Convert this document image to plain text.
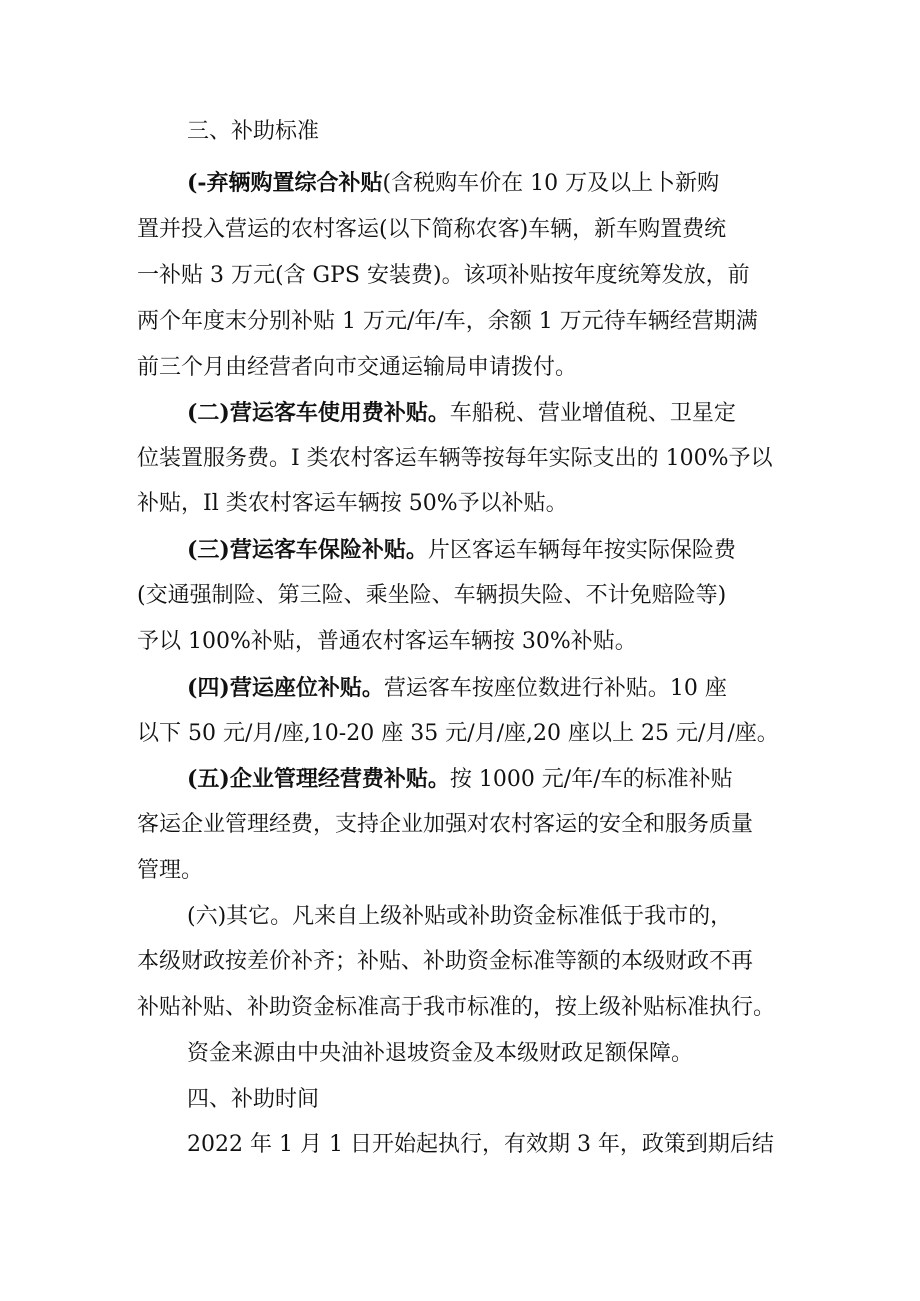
三、补助标准
(-弃辆购置综合补贴(含税购车价在 10 万及以上卜新购
置并投入营运的农村客运(以下简称农客)车辆，新车购置费统
一补贴 3 万元(含 GPS 安装费)。该项补贴按年度统筹发放，前
两个年度末分别补贴 1 万元/年/车，余额 1 万元待车辆经营期满
前三个月由经营者向市交通运输局申请拨付。
(二)营运客车使用费补贴。车船税、营业增值税、卫星定
位装置服务费。I 类农村客运车辆等按每年实际支出的 100%予以
补贴，Il 类农村客运车辆按 50%予以补贴。
(三)营运客车保险补贴。片区客运车辆每年按实际保险费
(交通强制险、第三险、乘坐险、车辆损失险、不计免赔险等)
予以 100%补贴，普通农村客运车辆按 30%补贴。
(四)营运座位补贴。营运客车按座位数进行补贴。10 座
以下 50 元/月/座,10-20 座 35 元/月/座,20 座以上 25 元/月/座。
(五)企业管理经营费补贴。按 1000 元/年/车的标准补贴
客运企业管理经费，支持企业加强对农村客运的安全和服务质量
管理。
(六)其它。凡来自上级补贴或补助资金标准低于我市的，
本级财政按差价补齐；补贴、补助资金标准等额的本级财政不再
补贴补贴、补助资金标准高于我市标准的，按上级补贴标准执行。
资金来源由中央油补退坡资金及本级财政足额保障。
四、补助时间
2022 年 1 月 1 日开始起执行，有效期 3 年，政策到期后结
